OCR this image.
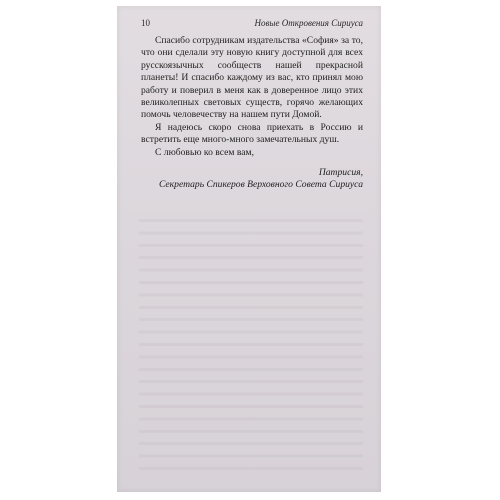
10	Новые Откровения Сириуса

Спасибо сотрудникам издательства «София» за то, что они сделали эту новую книгу доступной для всех русскоязычных сообществ нашей прекрасной планеты! И спасибо каждому из вас, кто принял мою работу и поверил в меня как в доверенное лицо этих великолепных световых существ, горячо желающих помочь человечеству на нашем пути Домой.

Я надеюсь скоро снова приехать в Россию и встретить еще много-много замечательных душ.

С любовью ко всем вам,

Патрисия,
Секретарь Спикеров Верховного Совета Сириуса
